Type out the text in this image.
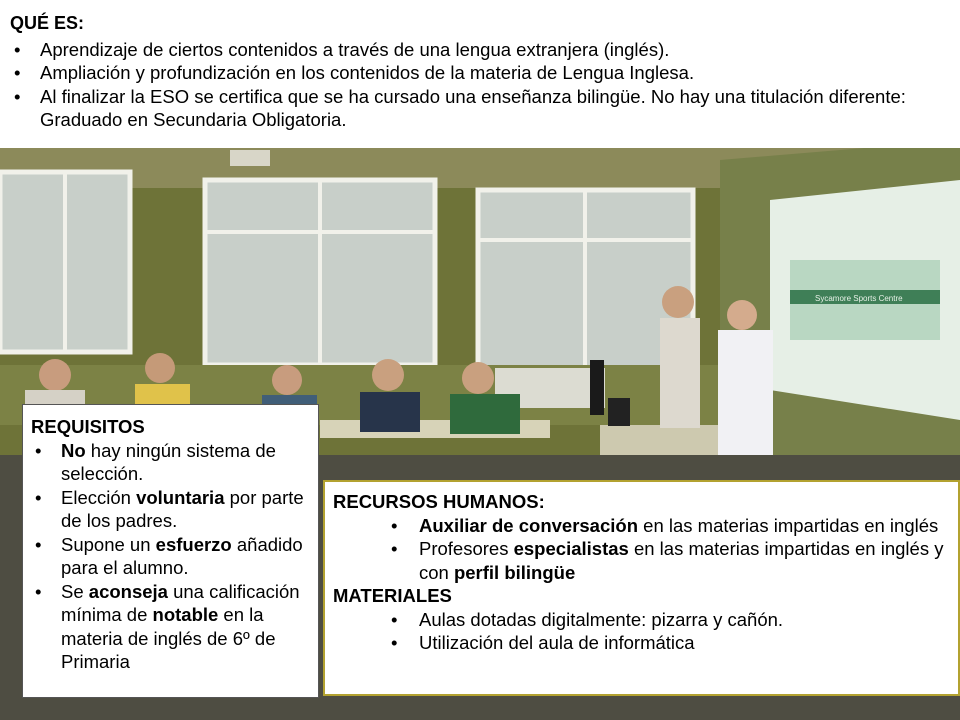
Sycamore Sports Centre
QUÉ ES:
• Aprendizaje de ciertos contenidos a través de una lengua extranjera (inglés).
• Ampliación y profundización en los contenidos de la materia de Lengua Inglesa.
• Al finalizar la ESO se certifica que se ha cursado una enseñanza bilingüe. No hay una titulación diferente: Graduado en Secundaria Obligatoria.
REQUISITOS
• No hay ningún sistema de selección.
• Elección voluntaria por parte de los padres.
• Supone un esfuerzo añadido para el alumno.
• Se aconseja una calificación mínima de notable en la materia de inglés de 6º de Primaria
RECURSOS HUMANOS:
• Auxiliar de conversación en las materias impartidas en inglés
• Profesores especialistas en las materias impartidas en inglés y con perfil bilingüe
MATERIALES
• Aulas dotadas digitalmente: pizarra y cañón.
• Utilización del aula de informática
